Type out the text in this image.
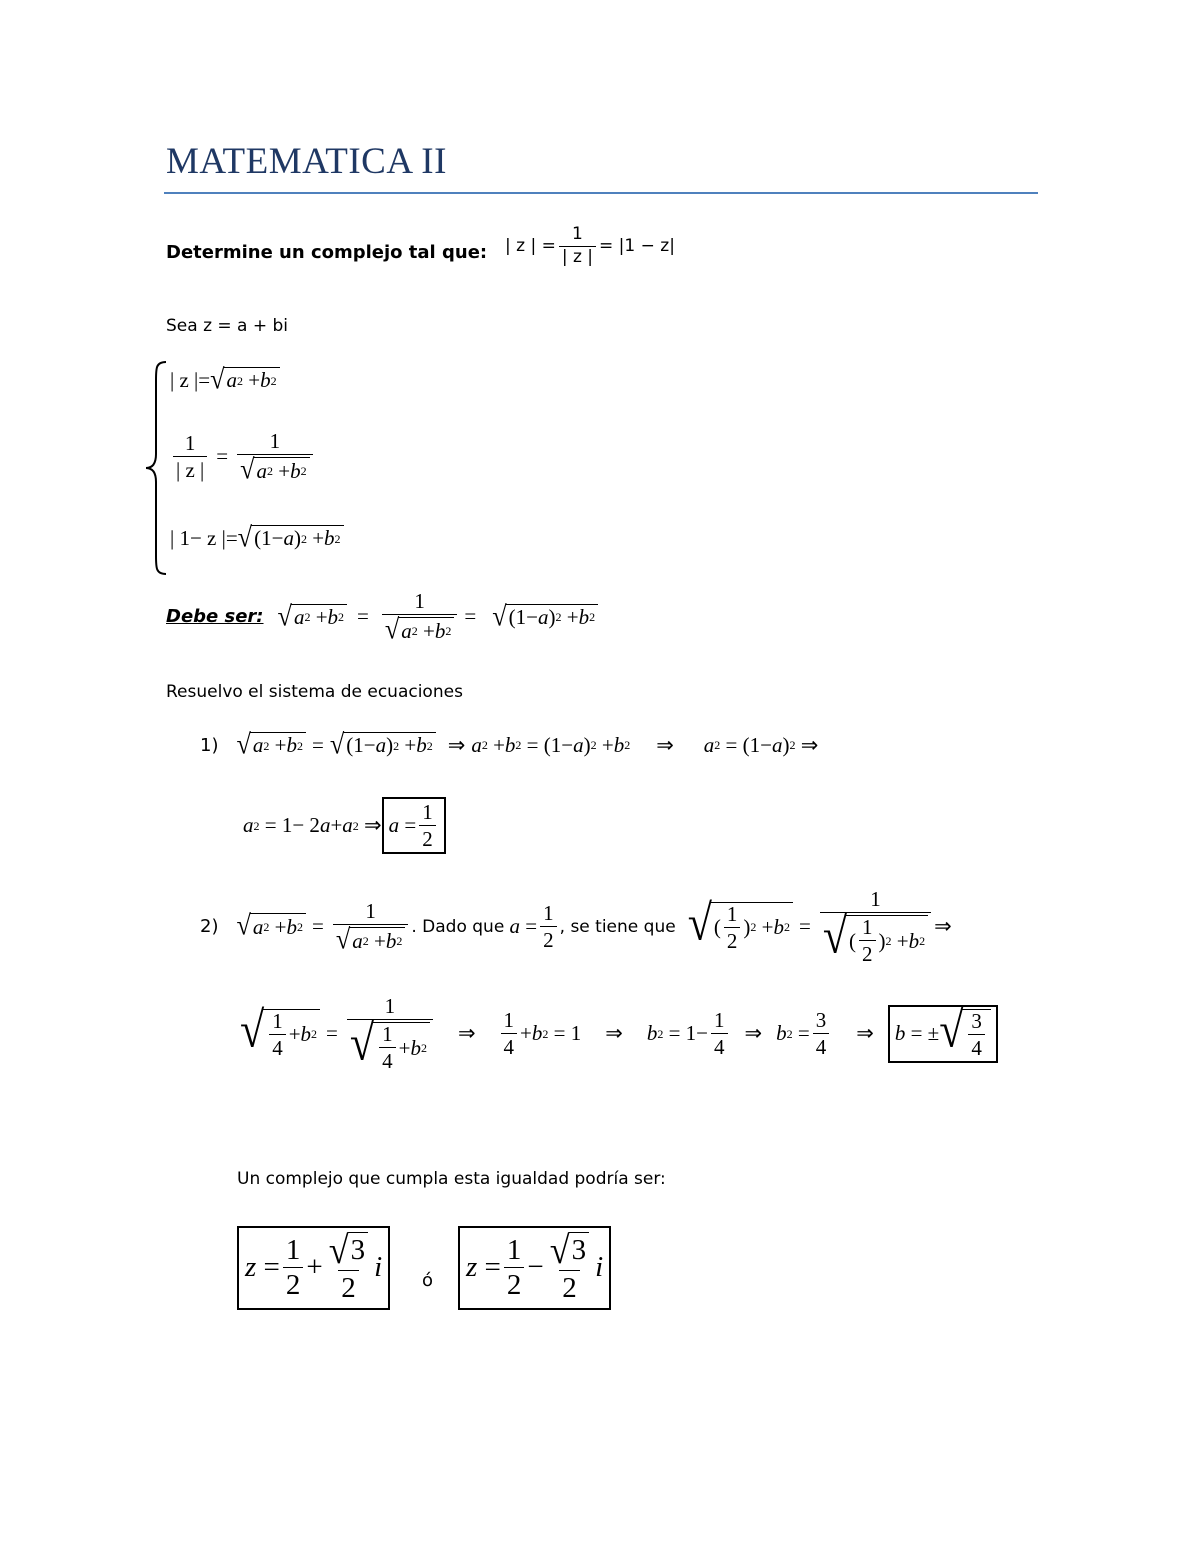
MATEMATICA II
Determine un complejo tal que: | z | = $\frac{1}{| z |} = |1 - z|$
Sea z = a + bi
| z |= √ a 2 + b 2
$\frac{1}{| z |} = \frac{1}{√ a 2 + b 2}$
| 1− z |= √ (1− a ) 2 + b 2
Debe ser: √ a 2 + b $2 = \frac{1}{√ a 2 + b 2}$ = √ (1− a ) 2 + b 2
Resuelvo el sistema de ecuaciones
1) √ a 2 + b 2 = √ (1− a ) 2 + b 2 ⇒ a 2 + b 2 = (1− a ) 2 + b 2 ⇒ a 2 = (1− a ) 2 ⇒
a 2 = 1− 2 a + a 2 ⇒ $a = \frac{1}{2}$
2) √ a 2 + b $2 = \frac{1}{√ a 2 + b 2}$ . Dado que
$a = \frac{1}{2}$ , se tiene que √ ( $\frac{1}{2}$ ) 2 + b $2 = \frac{1}{√ ( \frac{1}{2} ) 2 + b 2}$ ⇒
√ $\frac{1}{4} + b$ $2 = \frac{1}{√ \frac{1}{4} + b 2}$ ⇒ $\frac{1}{4} + b$ 2 = 1 ⇒ b $2 = 1- \frac{1}{4}$ ⇒ b $2 = \frac{3}{4}$ ⇒ b = ± √ $\frac{3}{4}$
Un complejo que cumpla esta igualdad podría ser:
$z = \frac{1}{2} + \frac{√ 3}{2}$ i ó $z = \frac{1}{2} - \frac{√ 3}{2}$ i
